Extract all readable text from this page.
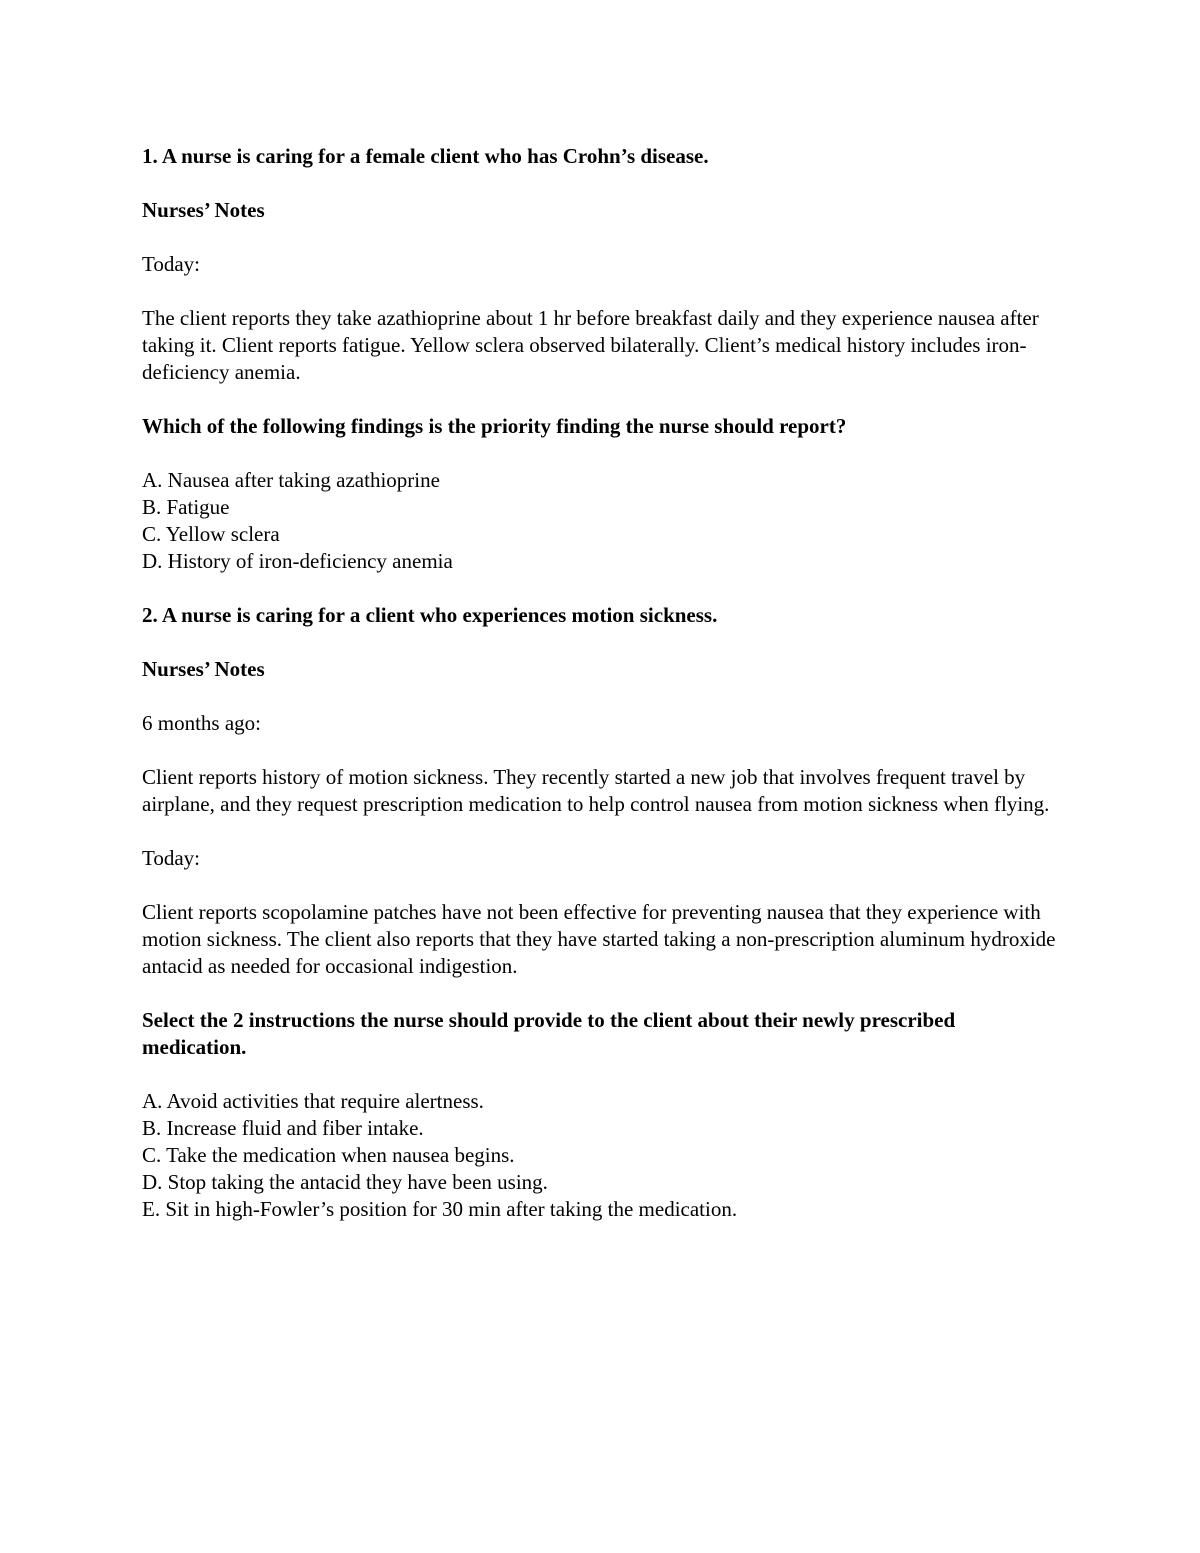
1. A nurse is caring for a female client who has Crohn’s disease.

Nurses’ Notes

Today:

The client reports they take azathioprine about 1 hr before breakfast daily and they experience nausea after taking it. Client reports fatigue. Yellow sclera observed bilaterally. Client’s medical history includes iron-deficiency anemia.

Which of the following findings is the priority finding the nurse should report?

A. Nausea after taking azathioprine
B. Fatigue
C. Yellow sclera
D. History of iron-deficiency anemia

2. A nurse is caring for a client who experiences motion sickness.

Nurses’ Notes

6 months ago:

Client reports history of motion sickness. They recently started a new job that involves frequent travel by airplane, and they request prescription medication to help control nausea from motion sickness when flying.

Today:

Client reports scopolamine patches have not been effective for preventing nausea that they experience with motion sickness. The client also reports that they have started taking a non-prescription aluminum hydroxide antacid as needed for occasional indigestion.

Select the 2 instructions the nurse should provide to the client about their newly prescribed medication.

A. Avoid activities that require alertness.
B. Increase fluid and fiber intake.
C. Take the medication when nausea begins.
D. Stop taking the antacid they have been using.
E. Sit in high-Fowler’s position for 30 min after taking the medication.
